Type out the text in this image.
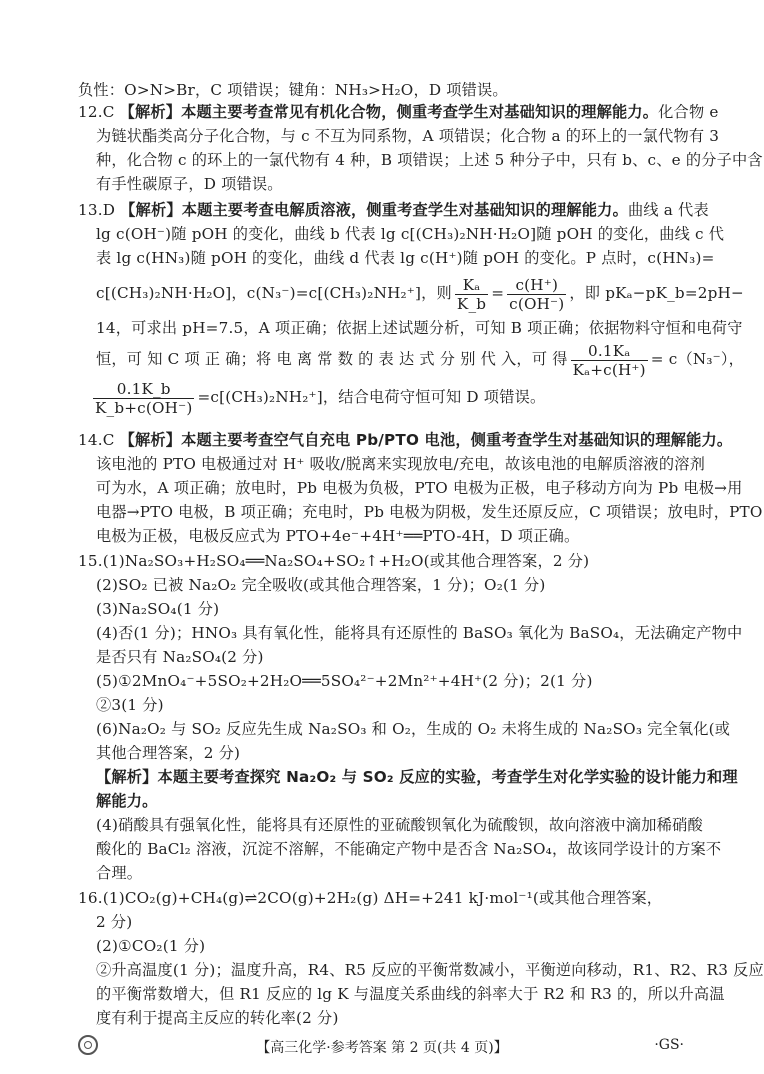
负性：O>N>Br，C 项错误；键角：NH₃>H₂O，D 项错误。
12.C 【解析】本题主要考查常见有机化合物，侧重考查学生对基础知识的理解能力。化合物 e
为链状酯类高分子化合物，与 c 不互为同系物，A 项错误；化合物 a 的环上的一氯代物有 3
种，化合物 c 的环上的一氯代物有 4 种，B 项错误；上述 5 种分子中，只有 b、c、e 的分子中含
有手性碳原子，D 项错误。
13.D 【解析】本题主要考查电解质溶液，侧重考查学生对基础知识的理解能力。曲线 a 代表
lg c(OH⁻)随 pOH 的变化，曲线 b 代表 lg c[(CH₃)₂NH·H₂O]随 pOH 的变化，曲线 c 代
表 lg c(HN₃)随 pOH 的变化，曲线 d 代表 lg c(H⁺)随 pOH 的变化。P 点时，c(HN₃)=
c[(CH₃)₂NH·H₂O]，c(N₃⁻)=c[(CH₃)₂NH₂⁺]，则 $\frac{\text{Kₐ}}{K\_b} = \frac{c(H^+)}{c(OH^-)}$ ，即 pKₐ−pK_b=2pH−
14，可求出 pH=7.5，A 项正确；依据上述试题分析，可知 B 项正确；依据物料守恒和电荷守
恒，可 知 C 项 正 确；将 电 离 常 数 的 表 达 式 分 别 代 入，可 得 $\frac{\text{0.1Kₐ}}{\text{Kₐ+c(H⁺)}} = c(N_3^-)$，
$\frac{0.1K\_b}{K\_b+c(OH^-)} =c[(CH_3)_2NH_2^+]$，结合电荷守恒可知 D 项错误。
14.C 【解析】本题主要考查空气自充电 Pb/PTO 电池，侧重考查学生对基础知识的理解能力。
该电池的 PTO 电极通过对 H⁺ 吸收/脱离来实现放电/充电，故该电池的电解质溶液的溶剂
可为水，A 项正确；放电时，Pb 电极为负极，PTO 电极为正极，电子移动方向为 Pb 电极→用
电器→PTO 电极，B 项正确；充电时，Pb 电极为阴极，发生还原反应，C 项错误；放电时，PTO
电极为正极，电极反应式为 PTO+4e⁻+4H⁺══PTO-4H，D 项正确。
15.(1)Na₂SO₃+H₂SO₄══Na₂SO₄+SO₂↑+H₂O(或其他合理答案，2 分)
(2)SO₂ 已被 Na₂O₂ 完全吸收(或其他合理答案，1 分)；O₂(1 分)
(3)Na₂SO₄(1 分)
(4)否(1 分)；HNO₃ 具有氧化性，能将具有还原性的 BaSO₃ 氧化为 BaSO₄，无法确定产物中
是否只有 Na₂SO₄(2 分)
(5)①2MnO₄⁻+5SO₂+2H₂O══5SO₄²⁻+2Mn²⁺+4H⁺(2 分)；2(1 分)
②3(1 分)
(6)Na₂O₂ 与 SO₂ 反应先生成 Na₂SO₃ 和 O₂，生成的 O₂ 未将生成的 Na₂SO₃ 完全氧化(或
其他合理答案，2 分)
【解析】本题主要考查探究 Na₂O₂ 与 SO₂ 反应的实验，考查学生对化学实验的设计能力和理
解能力。
(4)硝酸具有强氧化性，能将具有还原性的亚硫酸钡氧化为硫酸钡，故向溶液中滴加稀硝酸
酸化的 BaCl₂ 溶液，沉淀不溶解，不能确定产物中是否含 Na₂SO₄，故该同学设计的方案不
合理。
16.(1)CO₂(g)+CH₄(g)⇌2CO(g)+2H₂(g) ΔH=+241 kJ·mol⁻¹(或其他合理答案，
2 分)
(2)①CO₂(1 分)
②升高温度(1 分)；温度升高，R4、R5 反应的平衡常数减小，平衡逆向移动，R1、R2、R3 反应
的平衡常数增大，但 R1 反应的 lg K 与温度关系曲线的斜率大于 R2 和 R3 的，所以升高温
度有利于提高主反应的转化率(2 分)
【高三化学·参考答案 第 2 页(共 4 页)】	·GS·
